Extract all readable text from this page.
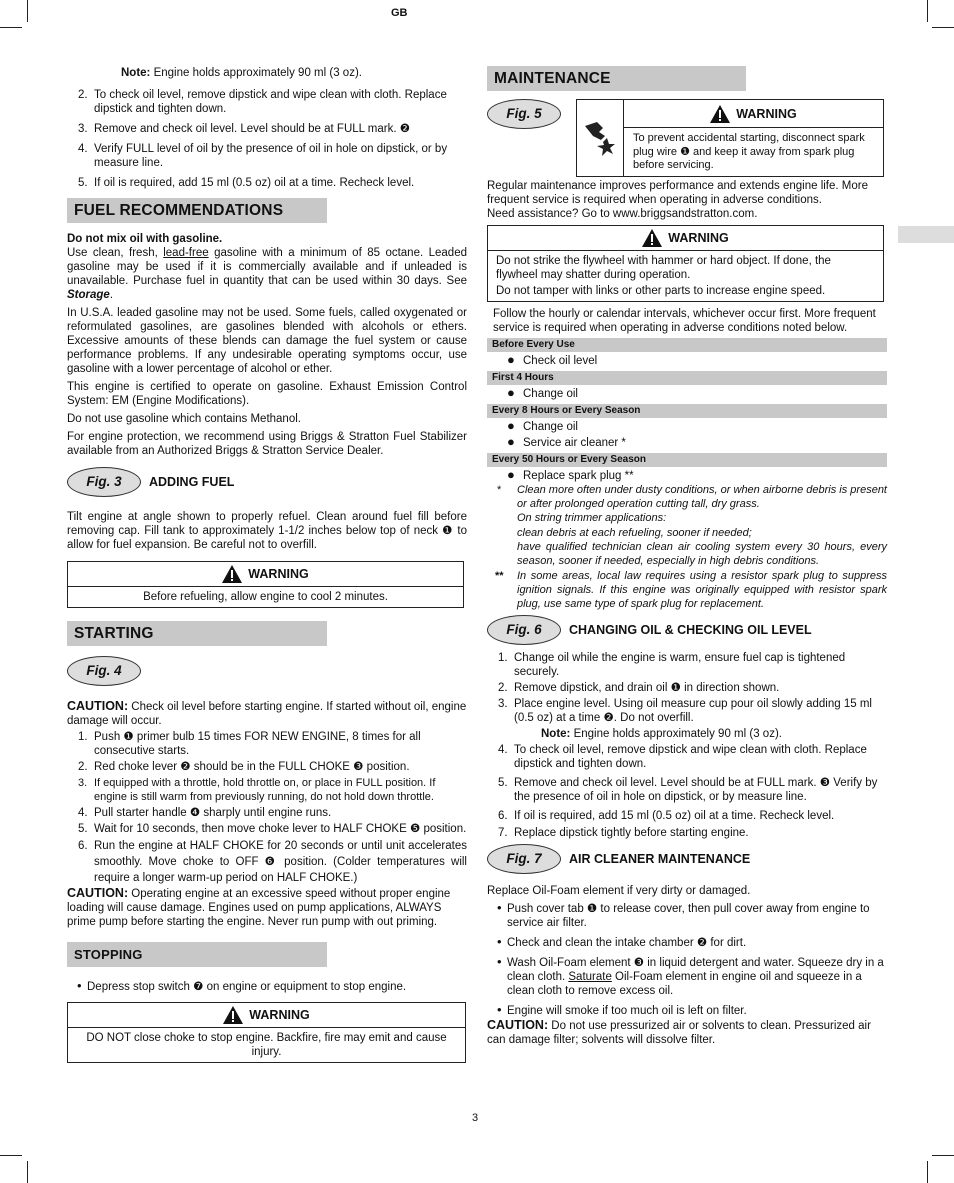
GB

Note: Engine holds approximately 90 ml (3 oz).

2. To check oil level, remove dipstick and wipe clean with cloth. Replace dipstick and tighten down.
3. Remove and check oil level. Level should be at FULL mark. ❷
4. Verify FULL level of oil by the presence of oil in hole on dipstick, or by measure line.
5. If oil is required, add 15 ml (0.5 oz) oil at a time. Recheck level.
FUEL RECOMMENDATIONS

Do not mix oil with gasoline.

Use clean, fresh, lead-free gasoline with a minimum of 85 octane. Leaded gasoline may be used if it is commercially available and if unleaded is unavailable. Purchase fuel in quantity that can be used within 30 days. See Storage.

In U.S.A. leaded gasoline may not be used. Some fuels, called oxygenated or reformulated gasolines, are gasolines blended with alcohols or ethers. Excessive amounts of these blends can damage the fuel system or cause performance problems. If any undesirable operating symptoms occur, use gasoline with a lower percentage of alcohol or ether.

This engine is certified to operate on gasoline. Exhaust Emission Control System: EM (Engine Modifications).

Do not use gasoline which contains Methanol.

For engine protection, we recommend using Briggs & Stratton Fuel Stabilizer available from an Authorized Briggs & Stratton Service Dealer.

Fig. 3	ADDING FUEL

Tilt engine at angle shown to properly refuel. Clean around fuel fill before removing cap. Fill tank to approximately 1-1/2 inches below top of neck ❶ to allow for fuel expansion. Be careful not to overfill.

WARNING
Before refueling, allow engine to cool 2 minutes.
STARTING
Fig. 4

CAUTION: Check oil level before starting engine. If started without oil, engine damage will occur.

1. Push ❶ primer bulb 15 times FOR NEW ENGINE, 8 times for all consecutive starts.
2. Red choke lever ❷ should be in the FULL CHOKE ❸ position.
3. If equipped with a throttle, hold throttle on, or place in FULL position. If engine is still warm from previously running, do not hold down throttle.
4. Pull starter handle ❹ sharply until engine runs.
5. Wait for 10 seconds, then move choke lever to HALF CHOKE ❺ position.
6. Run the engine at HALF CHOKE for 20 seconds or until unit accelerates smoothly. Move choke to OFF ❻ position. (Colder temperatures will require a longer warm-up period on HALF CHOKE.)

CAUTION: Operating engine at an excessive speed without proper engine loading will cause damage. Engines used on pump applications, ALWAYS prime pump before starting the engine. Never run pump with out priming.

STOPPING
• Depress stop switch ❼ on engine or equipment to stop engine.
WARNING
DO NOT close choke to stop engine. Backfire, fire may emit and cause injury.
MAINTENANCE
Fig. 5	WARNING
To prevent accidental starting, disconnect spark plug wire ❶ and keep it away from spark plug before servicing.

Regular maintenance improves performance and extends engine life. More frequent service is required when operating in adverse conditions.

Need assistance? Go to www.briggsandstratton.com.

WARNING

Do not strike the flywheel with hammer or hard object. If done, the flywheel may shatter during operation.

Do not tamper with links or other parts to increase engine speed.

Follow the hourly or calendar intervals, whichever occur first. More frequent service is required when operating in adverse conditions noted below.

Before Every Use
● Check oil level
First 4 Hours
● Change oil
Every 8 Hours or Every Season
● Change oil
● Service air cleaner *
Every 50 Hours or Every Season
● Replace spark plug **
* Clean more often under dusty conditions, or when airborne debris is present or after prolonged operation cutting tall, dry grass.

On string trimmer applications:

clean debris at each refueling, sooner if needed;

have qualified technician clean air cooling system every 30 hours, every season, sooner if needed, especially in high debris conditions.

** In some areas, local law requires using a resistor spark plug to suppress ignition signals. If this engine was originally equipped with resistor spark plug, use same type of spark plug for replacement.

Fig. 6	CHANGING OIL & CHECKING OIL LEVEL
1. Change oil while the engine is warm, ensure fuel cap is tightened securely.
2. Remove dipstick, and drain oil ❶ in direction shown.
3. Place engine level. Using oil measure cup pour oil slowly adding 15 ml (0.5 oz) at a time ❷. Do not overfill.

Note: Engine holds approximately 90 ml (3 oz).

4. To check oil level, remove dipstick and wipe clean with cloth. Replace dipstick and tighten down.
5. Remove and check oil level. Level should be at FULL mark. ❸ Verify by the presence of oil in hole on dipstick, or by measure line.
6. If oil is required, add 15 ml (0.5 oz) oil at a time. Recheck level.
7. Replace dipstick tightly before starting engine.
Fig. 7	AIR CLEANER MAINTENANCE

Replace Oil-Foam element if very dirty or damaged.

• Push cover tab ❶ to release cover, then pull cover away from engine to service air filter.
• Check and clean the intake chamber ❷ for dirt.
• Wash Oil-Foam element ❸ in liquid detergent and water. Squeeze dry in a clean cloth. Saturate Oil-Foam element in engine oil and squeeze in a clean cloth to remove excess oil.
• Engine will smoke if too much oil is left on filter.

CAUTION: Do not use pressurized air or solvents to clean. Pressurized air can damage filter; solvents will dissolve filter.

3
